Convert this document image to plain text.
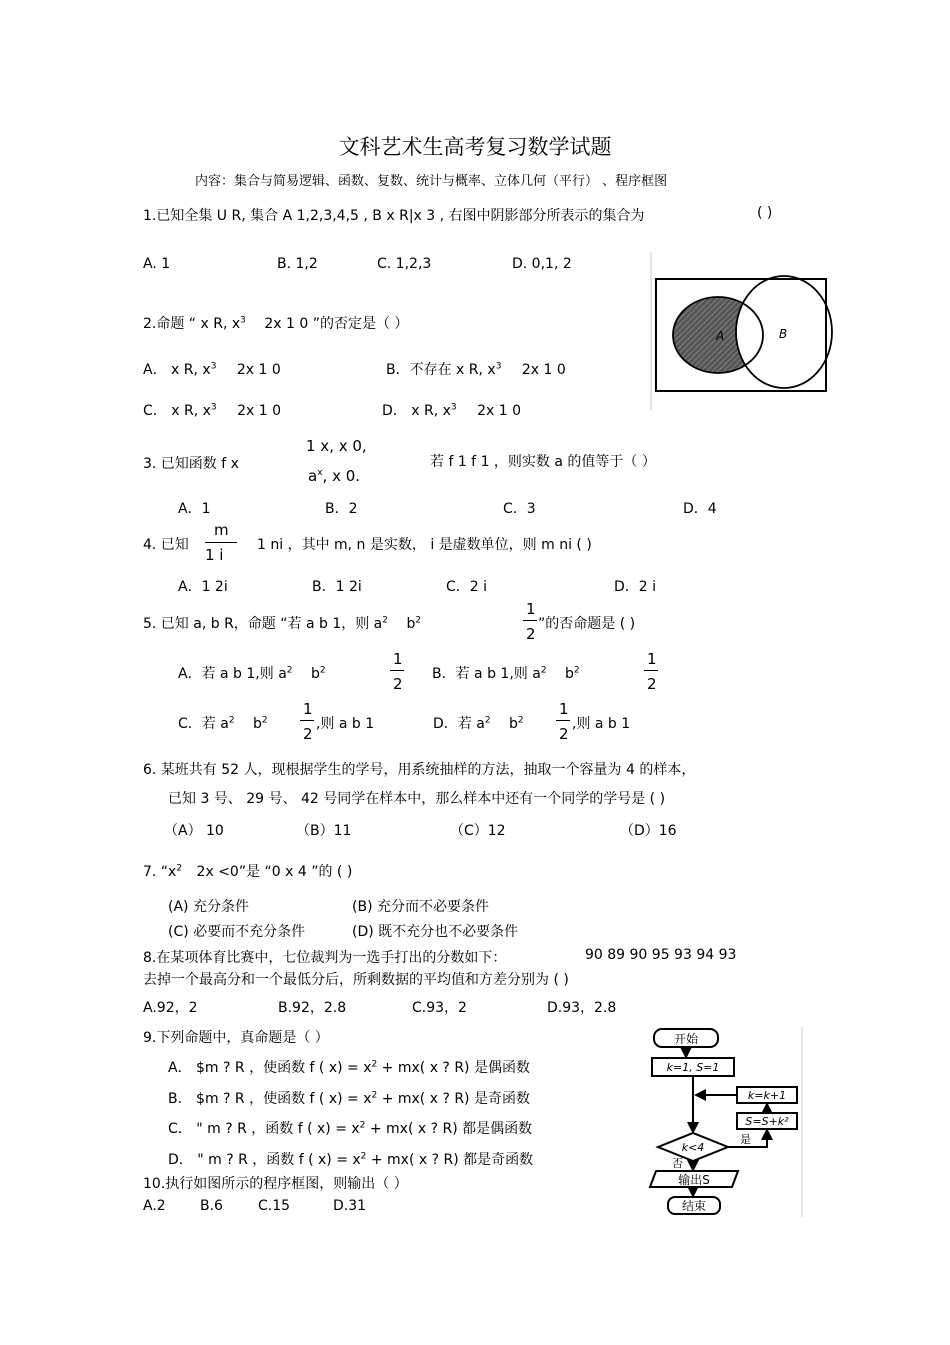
文科艺术生高考复习数学试题
内容：集合与简易逻辑、函数、复数、统计与概率、立体几何（平行） 、程序框图
1.已知全集 U R, 集合 A 1,2,3,4,5 , B x R|x 3 , 右图中阴影部分所表示的集合为	( )
A. 1	B. 1,2	C. 1,2,3	D. 0,1, 2
A	B
2.命题 “ x R, $x^3$ 2x 1 0 ”的否定是（ ）
A． x R, $x^3$ 2x 1 0	B．不存在 x R, $x^3$ 2x 1 0
C． x R, $x^3$ 2x 1 0	D． x R, $x^3$ 2x 1 0
3. 已知函数 f x
1 x, x 0,
$a^x$, x 0.
若 f 1 f 1 ，则实数 a 的值等于（ ）
A．1	B．2	C．3	D．4
4. 已知
m
1 i
1 ni ，其中 m, n 是实数， i 是虚数单位，则 m ni ( )
A．1 2i	B．1 2i	C．2 i	D．2 i
5. 已知 a, b R，命题 “若 a b 1，则 $a^2$ $b^2$
1
2
”的否命题是 ( )
A．若 a b 1,则 $a^2$ $b^2$
1
2
B．若 a b 1,则 $a^2$ $b^2$
1
2
C．若 $a^2$ $b^2$
1
2
,则 a b 1	D．若 $a^2$ $b^2$
1
2
,则 a b 1
6. 某班共有 52 人，现根据学生的学号，用系统抽样的方法，抽取一个容量为 4 的样本，
已知 3 号、 29 号、 42 号同学在样本中，那么样本中还有一个同学的学号是 ( )
（A） 10	（B）11	（C）12	（D）16
7. “$x^2$ 2x <0”是 “0 x 4 ”的 ( )
(A) 充分条件	(B) 充分而不必要条件
(C) 必要而不充分条件	(D) 既不充分也不必要条件
8.在某项体育比赛中，七位裁判为一选手打出的分数如下：	90 89 90 95 93 94 93
去掉一个最高分和一个最低分后，所剩数据的平均值和方差分别为 ( )
A.92，2	B.92，2.8	C.93，2	D.93，2.8
9.下列命题中，真命题是（ ）
A． $m ? R ，使函数 f ( $x) = x^2 + mx$( x ? R) 是偶函数
B． $m ? R ，使函数 f ( $x) = x^2 + mx$( x ? R) 是奇函数
C． " m ? R ，函数 f ( $x) = x^2 + mx$( x ? R) 都是偶函数
D． " m ? R ，函数 f ( $x) = x^2 + mx$( x ? R) 都是奇函数
10.执行如图所示的程序框图，则输出（ ）
A.2 B.6	C.15	D.31
开始
k=1, S=1
k=k+1
S=S+k²
k<4
是
否
输出S
结束
